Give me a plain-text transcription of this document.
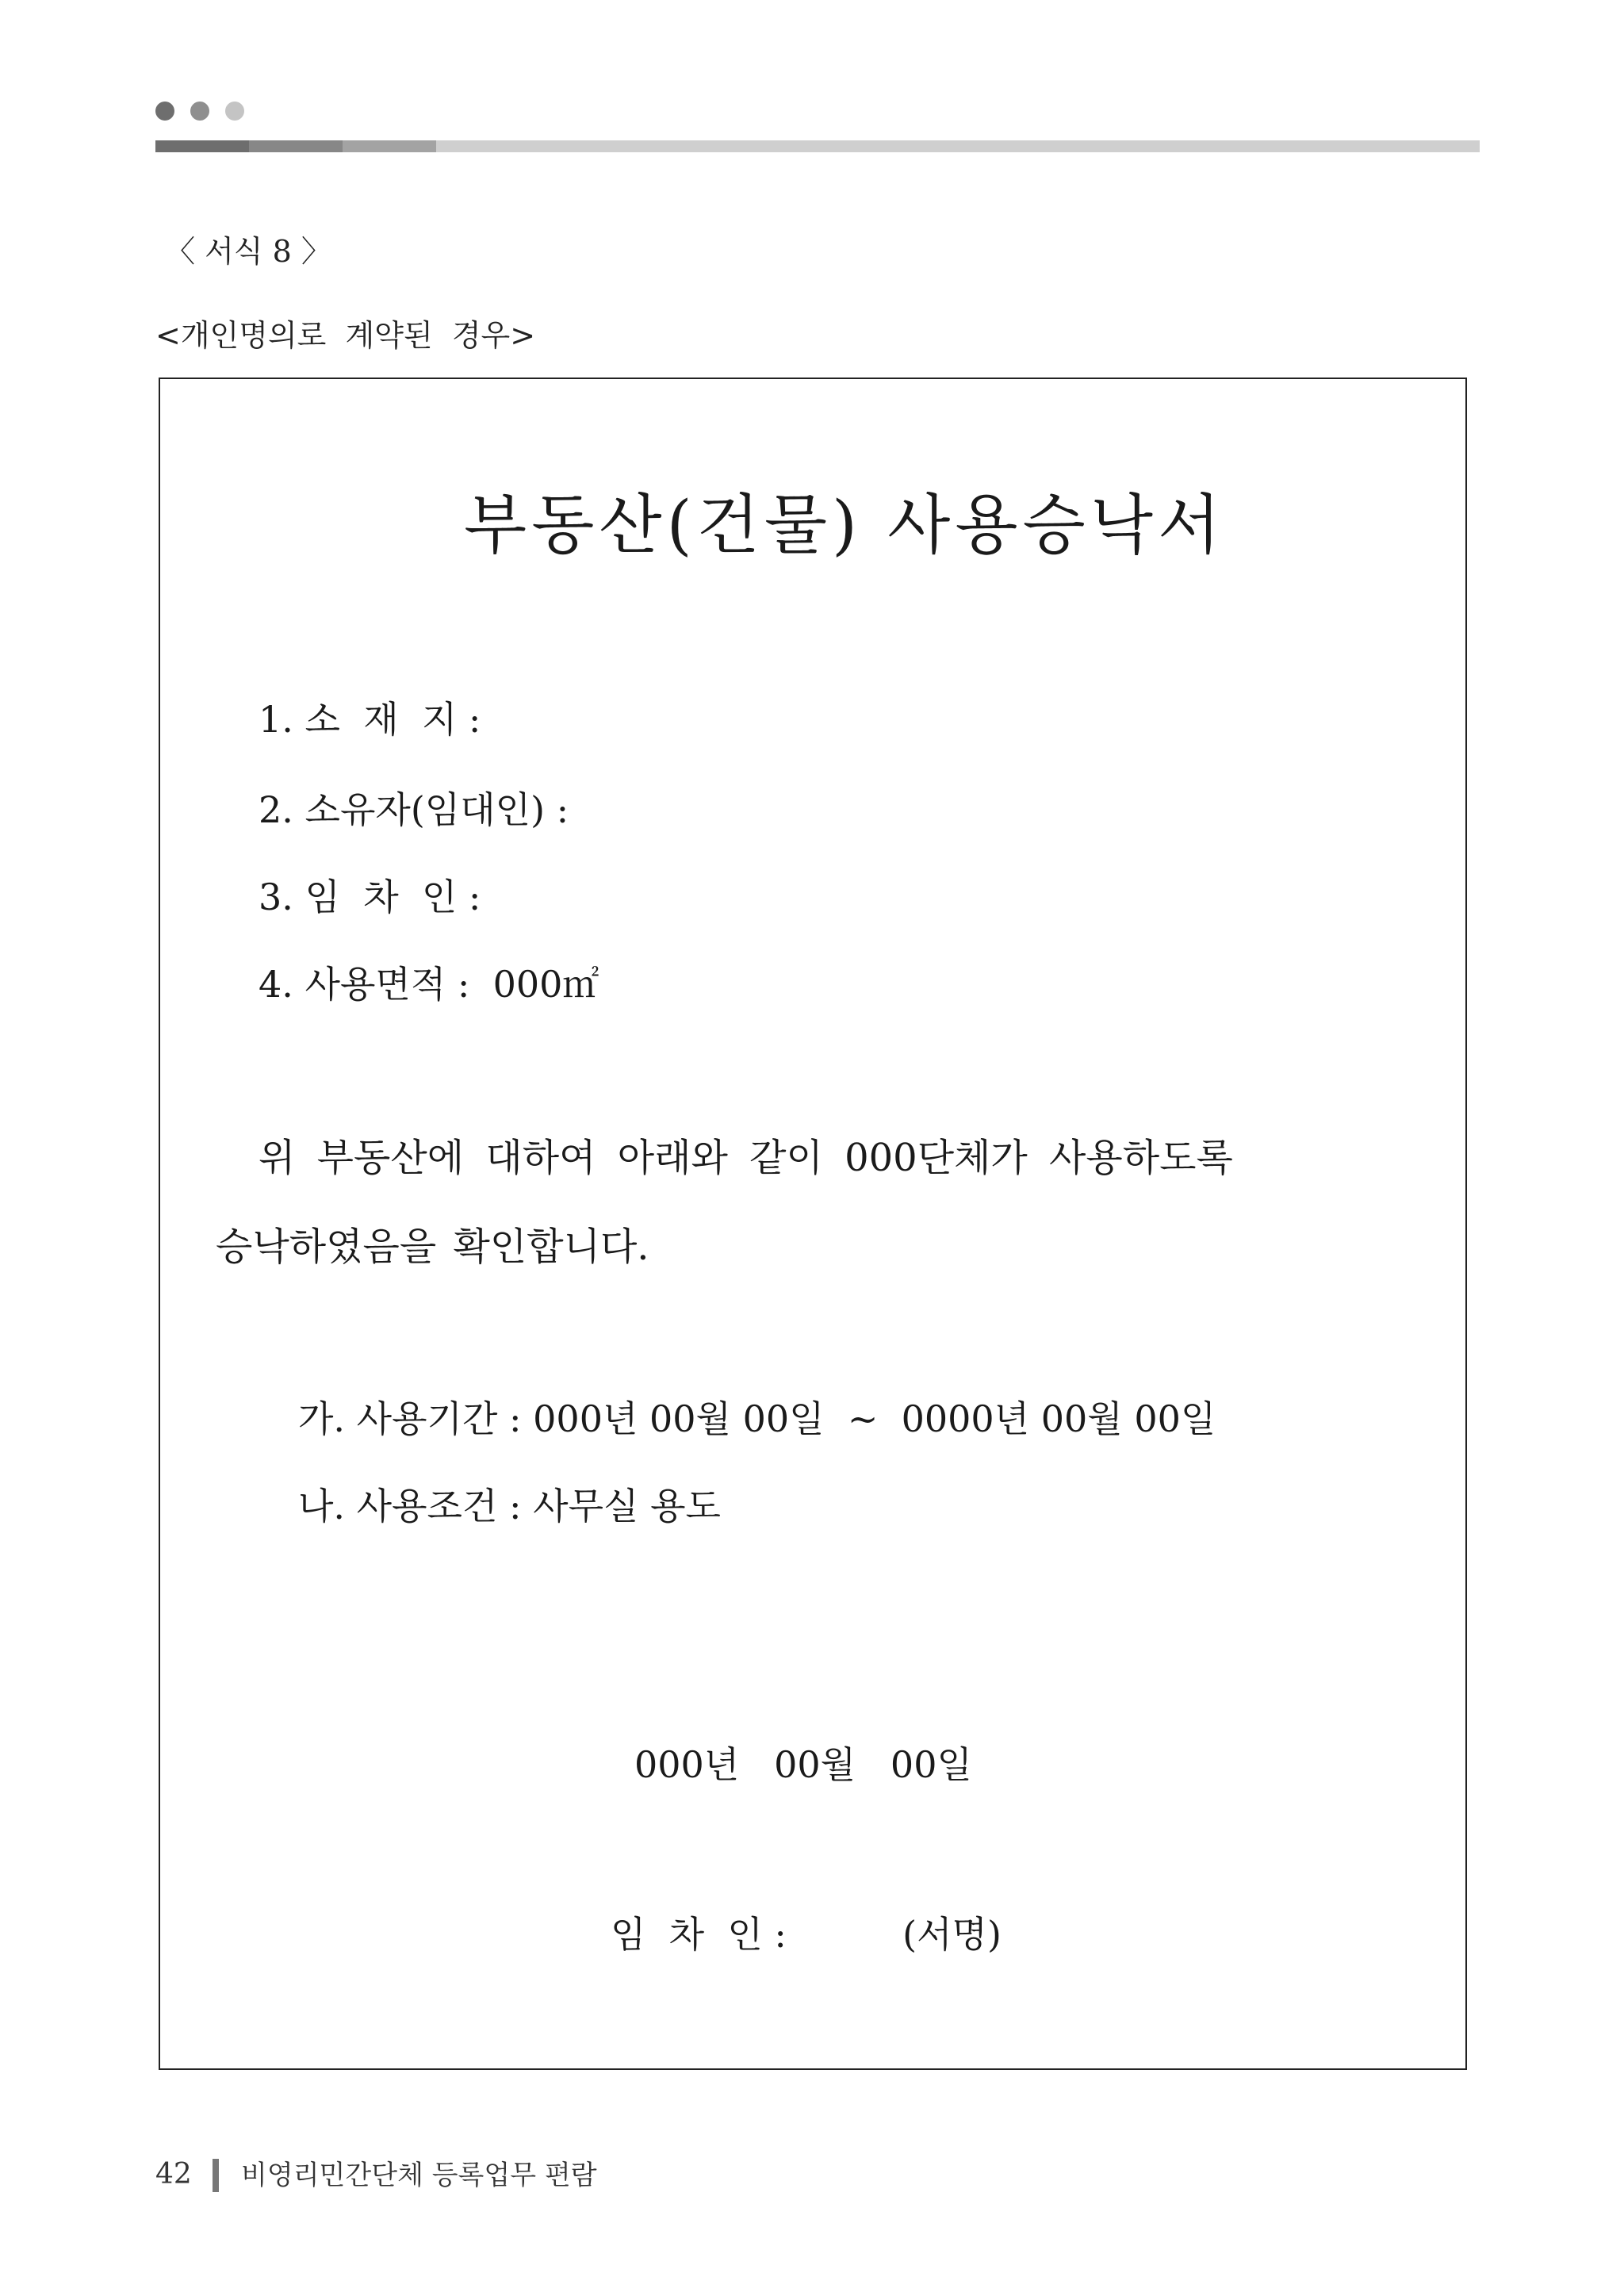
〈 서식 8 〉
<개인명의로  계약된  경우>
부동산(건물) 사용승낙서
1. 소  재  지 :
2. 소유자(임대인) :
3. 임  차  인 :
4. 사용면적 :  000㎡
위 부동산에 대하여 아래와 같이 000단체가 사용하도록
승낙하였음을 확인합니다.
가. 사용기간 : 000년 00월 00일  ~  0000년 00월 00일
나. 사용조건 : 사무실 용도
000년   00월   00일
임  차  인 :          (서명)
42 비영리민간단체 등록업무 편람
